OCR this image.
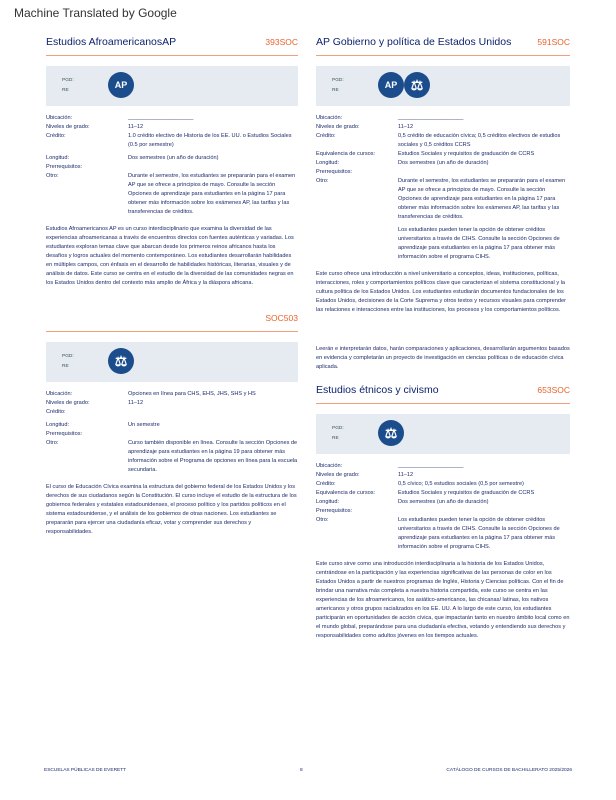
Machine Translated by Google
Estudios AfroamericanosAP	393SOC
PGD:
RE
AP
Ubicación:	_____________________
Niveles de grado:	11–12
Crédito:	1.0 crédito electivo de Historia de los EE. UU. o Estudios Sociales (0.5 por semestre)
Longitud:	Dos semestres (un año de duración)
Prerrequisitos:
Otro:	Durante el semestre, los estudiantes se prepararán para el examen AP que se ofrece a principios de mayo. Consulte la sección Opciones de aprendizaje para estudiantes en la página 17 para obtener más información sobre los exámenes AP, las tarifas y las transferencias de créditos.
Estudios Afroamericanos AP es un curso interdisciplinario que examina la diversidad de las experiencias afroamericanas a través de encuentros directos con fuentes auténticas y variadas. Los estudiantes exploran temas clave que abarcan desde los primeros reinos africanos hasta los desafíos y logros actuales del momento contemporáneo. Los estudiantes desarrollarán habilidades en múltiples campos, con énfasis en el desarrollo de habilidades históricas, literarias, visuales y de análisis de datos. Este curso se centra en el estudio de la diversidad de las comunidades negras en los Estados Unidos dentro del contexto más amplio de África y la diáspora africana.
SOC503
PGD:
RE	⚖
Ubicación:	Opciones en línea para CHS, EHS, JHS, SHS y HS
Niveles de grado:	11–12
Crédito:
Longitud:	Un semestre
Prerrequisitos:
Otro:	Curso también disponible en línea. Consulte la sección Opciones de aprendizaje para estudiantes en la página 19 para obtener más información sobre el Programa de opciones en línea para la escuela secundaria.
El curso de Educación Cívica examina la estructura del gobierno federal de los Estados Unidos y los derechos de sus ciudadanos según la Constitución. El curso incluye el estudio de la estructura de los gobiernos federales y estatales estadounidenses, el proceso político y los partidos políticos en el sistema estadounidense, y el análisis de los gobiernos de otras naciones. Los estudiantes se prepararán para ejercer una ciudadanía eficaz, votar y comprender sus derechos y responsabilidades.
AP Gobierno y política de Estados Unidos	591SOC
PGD:
RE
AP ⚖
Ubicación:	_____________________
Niveles de grado:	11–12
Crédito:	0,5 crédito de educación cívica; 0,5 créditos electivos de estudios sociales y 0,5 créditos CCRS
Equivalencia de cursos:	Estudios Sociales y requisitos de graduación de CCRS
Longitud:	Dos semestres (un año de duración)
Prerrequisitos:
Otro:	Durante el semestre, los estudiantes se prepararán para el examen AP que se ofrece a principios de mayo. Consulte la sección Opciones de aprendizaje para estudiantes en la página 17 para obtener más información sobre los exámenes AP, las tarifas y las transferencias de créditos.
Los estudiantes pueden tener la opción de obtener créditos universitarios a través de CIHS. Consulte la sección Opciones de aprendizaje para estudiantes en la página 17 para obtener más información sobre el programa CIHS.
Este curso ofrece una introducción a nivel universitario a conceptos, ideas, instituciones, políticas, interacciones, roles y comportamientos políticos clave que caracterizan el sistema constitucional y la cultura política de los Estados Unidos. Los estudiantes estudiarán documentos fundacionales de los Estados Unidos, decisiones de la Corte Suprema y otros textos y recursos visuales para comprender las relaciones e interacciones entre las instituciones, los procesos y los comportamientos políticos.
Leerán e interpretarán datos, harán comparaciones y aplicaciones, desarrollarán argumentos basados en evidencia y completarán un proyecto de investigación en ciencias políticas o de educación cívica aplicada.
Estudios étnicos y civismo	653SOC
PGD:
RE	⚖
Ubicación:	_____________________
Niveles de grado:	11–12
Crédito:	0,5 cívico; 0,5 estudios sociales (0,5 por semestre)
Equivalencia de cursos:	Estudios Sociales y requisitos de graduación de CCRS
Longitud:	Dos semestres (un año de duración)
Prerrequisitos:
Otro:	Los estudiantes pueden tener la opción de obtener créditos universitarios a través de CIHS. Consulte la sección Opciones de aprendizaje para estudiantes en la página 17 para obtener más información sobre el programa CIHS.
Este curso sirve como una introducción interdisciplinaria a la historia de los Estados Unidos, centrándose en la participación y las experiencias significativas de las personas de color en los Estados Unidos a partir de nuestros programas de Inglés, Historia y Ciencias políticas. Con el fin de brindar una narrativa más completa a nuestra historia compartida, este curso se centra en las experiencias de los afroamericanos, los asiático-americanos, las chicanas/ latinas, los nativos americanos y otros grupos racializados en los EE. UU. A lo largo de este curso, los estudiantes participarán en oportunidades de acción cívica, que impactarán tanto en nuestro ámbito local como en el mundo global, preparándose para una ciudadanía efectiva, votando y entendiendo sus derechos y responsabilidades como adultos jóvenes en los tiempos actuales.
ESCUELAS PÚBLICAS DE EVERETT	8	CATÁLOGO DE CURSOS DE BACHILLERATO 2025/2026
